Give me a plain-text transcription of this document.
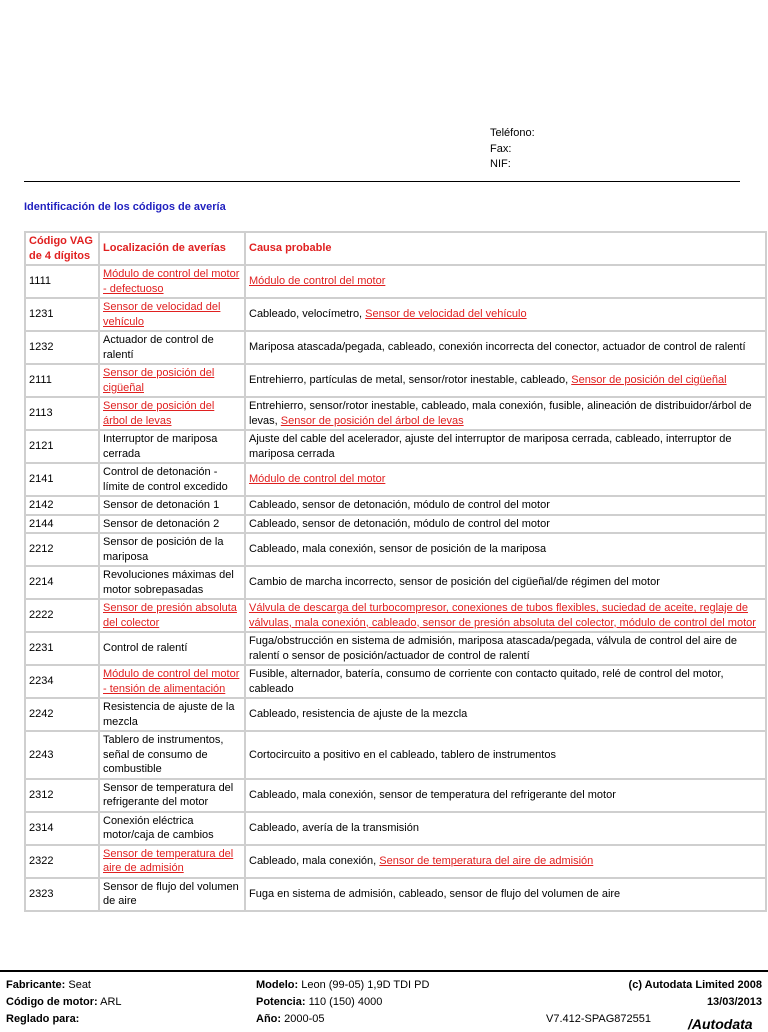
Teléfono:
Fax:
NIF:
Identificación de los códigos de avería
Código VAG de 4 dígitos	Localización de averías	Causa probable
1111	Módulo de control del motor - defectuoso	Módulo de control del motor
1231	Sensor de velocidad del vehículo	Cableado, velocímetro, Sensor de velocidad del vehículo
1232	Actuador de control de ralentí	Mariposa atascada/pegada, cableado, conexión incorrecta del conector, actuador de control de ralentí
2111	Sensor de posición del cigüeñal	Entrehierro, partículas de metal, sensor/rotor inestable, cableado, Sensor de posición del cigüeñal
2113	Sensor de posición del árbol de levas	Entrehierro, sensor/rotor inestable, cableado, mala conexión, fusible, alineación de distribuidor/árbol de levas, Sensor de posición del árbol de levas
2121	Interruptor de mariposa cerrada	Ajuste del cable del acelerador, ajuste del interruptor de mariposa cerrada, cableado, interruptor de mariposa cerrada
2141	Control de detonación - límite de control excedido	Módulo de control del motor
2142	Sensor de detonación 1	Cableado, sensor de detonación, módulo de control del motor
2144	Sensor de detonación 2	Cableado, sensor de detonación, módulo de control del motor
2212	Sensor de posición de la mariposa	Cableado, mala conexión, sensor de posición de la mariposa
2214	Revoluciones máximas del motor sobrepasadas	Cambio de marcha incorrecto, sensor de posición del cigüeñal/de régimen del motor
2222	Sensor de presión absoluta del colector	Válvula de descarga del turbocompresor, conexiones de tubos flexibles, suciedad de aceite, reglaje de válvulas, mala conexión, cableado, sensor de presión absoluta del colector, módulo de control del motor
2231	Control de ralentí	Fuga/obstrucción en sistema de admisión, mariposa atascada/pegada, válvula de control del aire de ralentí o sensor de posición/actuador de control de ralentí
2234	Módulo de control del motor - tensión de alimentación	Fusible, alternador, batería, consumo de corriente con contacto quitado, relé de control del motor, cableado
2242	Resistencia de ajuste de la mezcla	Cableado, resistencia de ajuste de la mezcla
2243	Tablero de instrumentos, señal de consumo de combustible	Cortocircuito a positivo en el cableado, tablero de instrumentos
2312	Sensor de temperatura del refrigerante del motor	Cableado, mala conexión, sensor de temperatura del refrigerante del motor
2314	Conexión eléctrica motor/caja de cambios	Cableado, avería de la transmisión
2322	Sensor de temperatura del aire de admisión	Cableado, mala conexión, Sensor de temperatura del aire de admisión
2323	Sensor de flujo del volumen de aire	Fuga en sistema de admisión, cableado, sensor de flujo del volumen de aire
Fabricante: Seat
Código de motor: ARL
Reglado para:
Modelo: Leon (99-05) 1,9D TDI PD
Potencia: 110 (150) 4000
Año: 2000-05
(c) Autodata Limited 2008
13/03/2013
V7.412-SPAG872551	/Autodata
